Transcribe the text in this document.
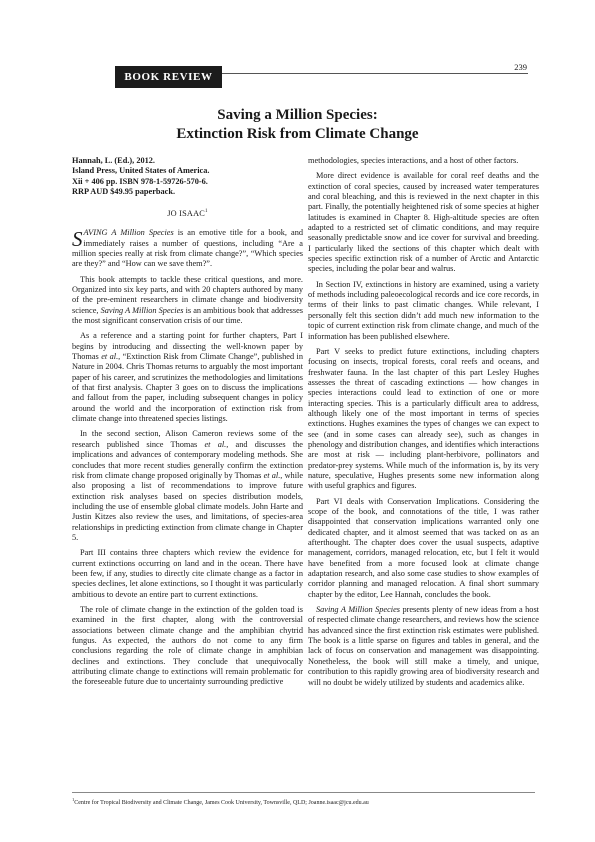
239
BOOK REVIEW
Saving a Million Species:
Extinction Risk from Climate Change
Hannah, L. (Ed.), 2012.
Island Press, United States of America.
Xii + 406 pp. ISBN 978-1-59726-570-6.
RRP AUD $49.95 paperback.
JO ISAAC$^1$

SAVING A Million Species is an emotive title for a book, and immediately raises a number of questions, including “Are a million species really at risk from climate change?”, “Which species are they?” and “How can we save them?”.

This book attempts to tackle these critical questions, and more. Organized into six key parts, and with 20 chapters authored by many of the pre-eminent researchers in climate change and biodiversity science, Saving A Million Species is an ambitious book that addresses the most significant conservation crisis of our time.

As a reference and a starting point for further chapters, Part I begins by introducing and dissecting the well-known paper by Thomas et al., “Extinction Risk from Climate Change”, published in Nature in 2004. Chris Thomas returns to arguably the most important paper of his career, and scrutinizes the methodologies and limitations of that first analysis. Chapter 3 goes on to discuss the implications and fallout from the paper, including subsequent changes in policy around the world and the incorporation of extinction risk from climate change into threatened species listings.

In the second section, Alison Cameron reviews some of the research published since Thomas et al., and discusses the implications and advances of contemporary modeling methods. She concludes that more recent studies generally confirm the extinction risk from climate change proposed originally by Thomas et al., while also proposing a list of recommendations to improve future extinction risk analyses based on species distribution models, including the use of ensemble global climate models. John Harte and Justin Kitzes also review the uses, and limitations, of species-area relationships in predicting extinction from climate change in Chapter 5.

Part III contains three chapters which review the evidence for current extinctions occurring on land and in the ocean. There have been few, if any, studies to directly cite climate change as a factor in species declines, let alone extinctions, so I thought it was particularly ambitious to devote an entire part to current extinctions.

The role of climate change in the extinction of the golden toad is examined in the first chapter, along with the controversial associations between climate change and the amphibian chytrid fungus. As expected, the authors do not come to any firm conclusions regarding the role of climate change in amphibian declines and extinctions. They conclude that unequivocally attributing climate change to extinctions will remain problematic for the foreseeable future due to uncertainty surrounding predictive

methodologies, species interactions, and a host of other factors.

More direct evidence is available for coral reef deaths and the extinction of coral species, caused by increased water temperatures and coral bleaching, and this is reviewed in the next chapter in this part. Finally, the potentially heightened risk of some species at higher latitudes is examined in Chapter 8. High-altitude species are often adapted to a restricted set of climatic conditions, and may require seasonally predictable snow and ice cover for survival and breeding. I particularly liked the sections of this chapter which dealt with species specific extinction risk of a number of Arctic and Antarctic species, including the polar bear and walrus.

In Section IV, extinctions in history are examined, using a variety of methods including paleoecological records and ice core records, in terms of their links to past climatic changes. While relevant, I personally felt this section didn’t add much new information to the topic of current extinction risk from climate change, and much of the information has been published elsewhere.

Part V seeks to predict future extinctions, including chapters focusing on insects, tropical forests, coral reefs and oceans, and freshwater fauna. In the last chapter of this part Lesley Hughes assesses the threat of cascading extinctions — how changes in species interactions could lead to extinction of one or more interacting species. This is a particularly difficult area to address, although likely one of the most important in terms of species extinctions. Hughes examines the types of changes we can expect to see (and in some cases can already see), such as changes in phenology and distribution changes, and identifies which interactions are most at risk — including plant-herbivore, pollinators and predator-prey systems. While much of the information is, by its very nature, speculative, Hughes presents some new information along with useful graphics and figures.

Part VI deals with Conservation Implications. Considering the scope of the book, and connotations of the title, I was rather disappointed that conservation implications warranted only one dedicated chapter, and it almost seemed that was tacked on as an afterthought. The chapter does cover the usual suspects, adaptive management, corridors, managed relocation, etc, but I felt it would have benefited from a more focused look at climate change adaptation research, and also some case studies to show examples of corridor planning and managed relocation. A final short summary chapter by the editor, Lee Hannah, concludes the book.

Saving A Million Species presents plenty of new ideas from a host of respected climate change researchers, and reviews how the science has advanced since the first extinction risk estimates were published. The book is a little sparse on figures and tables in general, and the lack of focus on conservation and management was disappointing. Nonetheless, the book will still make a timely, and unique, contribution to this rapidly growing area of biodiversity research and will no doubt be widely utilized by students and academics alike.

$^1$Centre for Tropical Biodiversity and Climate Change, James Cook University, Townsville, QLD; Joanne.isaac@jcu.edu.au
